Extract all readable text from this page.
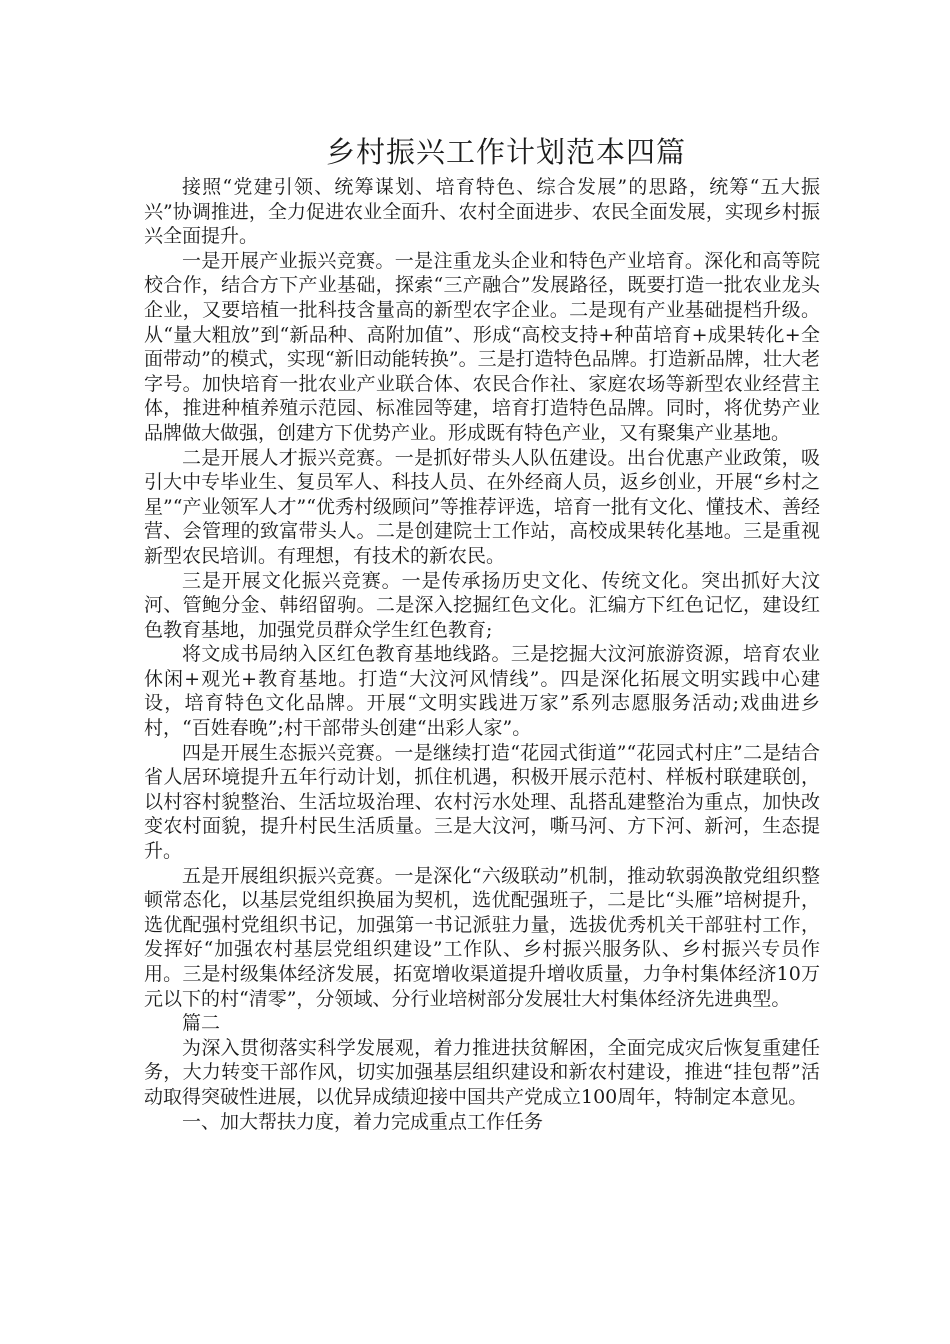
乡村振兴工作计划范本四篇

接照“党建引领、统筹谋划、培育特色、综合发展”的思路，统筹“五大振兴”协调推进，全力促进农业全面升、农村全面进步、农民全面发展，实现乡村振兴全面提升。

一是开展产业振兴竞赛。一是注重龙头企业和特色产业培育。深化和高等院校合作，结合方下产业基础，探索“三产融合”发展路径，既要打造一批农业龙头企业，又要培植一批科技含量高的新型农字企业。二是现有产业基础提档升级。从“量大粗放”到“新品种、高附加值”、形成“高校支持+种苗培育+成果转化+全面带动”的模式，实现“新旧动能转换”。三是打造特色品牌。打造新品牌，壮大老字号。加快培育一批农业产业联合体、农民合作社、家庭农场等新型农业经营主体，推进种植养殖示范园、标准园等建，培育打造特色品牌。同时，将优势产业品牌做大做强，创建方下优势产业。形成既有特色产业，又有聚集产业基地。

二是开展人才振兴竞赛。一是抓好带头人队伍建设。出台优惠产业政策，吸引大中专毕业生、复员军人、科技人员、在外经商人员，返乡创业，开展“乡村之星”“产业领军人才”“优秀村级顾问”等推荐评选，培育一批有文化、懂技术、善经营、会管理的致富带头人。二是创建院士工作站，高校成果转化基地。三是重视新型农民培训。有理想，有技术的新农民。

三是开展文化振兴竞赛。一是传承扬历史文化、传统文化。突出抓好大汶河、管鲍分金、韩绍留驹。二是深入挖掘红色文化。汇编方下红色记忆，建设红色教育基地，加强党员群众学生红色教育;

将文成书局纳入区红色教育基地线路。三是挖掘大汶河旅游资源，培育农业休闲+观光+教育基地。打造“大汶河风情线”。四是深化拓展文明实践中心建设，培育特色文化品牌。开展“文明实践进万家”系列志愿服务活动;戏曲进乡村，“百姓春晚”;村干部带头创建“出彩人家”。

四是开展生态振兴竞赛。一是继续打造“花园式街道”“花园式村庄”二是结合省人居环境提升五年行动计划，抓住机遇，积极开展示范村、样板村联建联创，以村容村貌整治、生活垃圾治理、农村污水处理、乱搭乱建整治为重点，加快改变农村面貌，提升村民生活质量。三是大汶河，嘶马河、方下河、新河，生态提升。

五是开展组织振兴竞赛。一是深化“六级联动”机制，推动软弱涣散党组织整顿常态化，以基层党组织换届为契机，选优配强班子，二是比“头雁”培树提升，选优配强村党组织书记，加强第一书记派驻力量，选拔优秀机关干部驻村工作，发挥好“加强农村基层党组织建设”工作队、乡村振兴服务队、乡村振兴专员作用。三是村级集体经济发展，拓宽增收渠道提升增收质量，力争村集体经济10万元以下的村“清零”，分领域、分行业培树部分发展壮大村集体经济先进典型。

篇二

为深入贯彻落实科学发展观，着力推进扶贫解困，全面完成灾后恢复重建任务，大力转变干部作风，切实加强基层组织建设和新农村建设，推进“挂包帮”活动取得突破性进展，以优异成绩迎接中国共产党成立100周年，特制定本意见。

一、加大帮扶力度，着力完成重点工作任务
